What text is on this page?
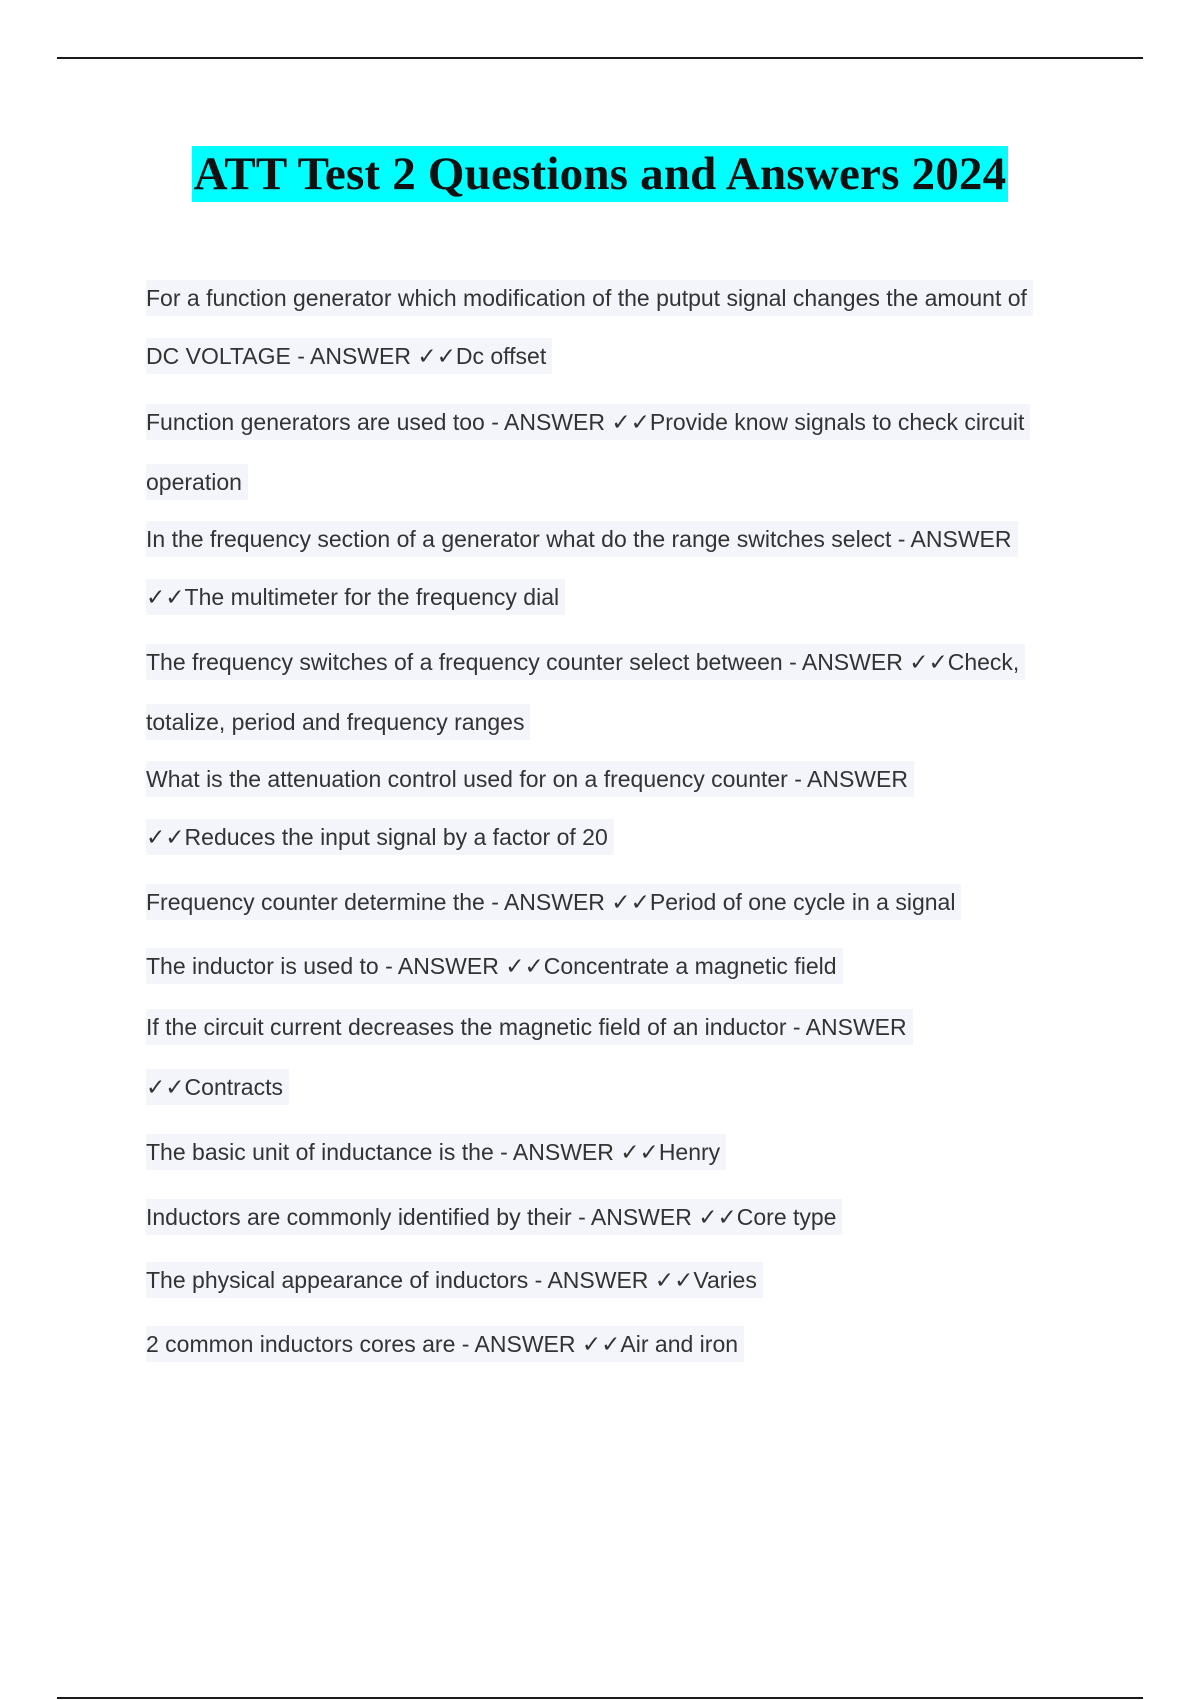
ATT Test 2 Questions and Answers 2024
For a function generator which modification of the putput signal changes the amount of
DC VOLTAGE - ANSWER ✓✓Dc offset
Function generators are used too - ANSWER ✓✓Provide know signals to check circuit
operation
In the frequency section of a generator what do the range switches select - ANSWER
✓✓The multimeter for the frequency dial
The frequency switches of a frequency counter select between - ANSWER ✓✓Check,
totalize, period and frequency ranges
What is the attenuation control used for on a frequency counter - ANSWER
✓✓Reduces the input signal by a factor of 20
Frequency counter determine the - ANSWER ✓✓Period of one cycle in a signal
The inductor is used to - ANSWER ✓✓Concentrate a magnetic field
If the circuit current decreases the magnetic field of an inductor - ANSWER
✓✓Contracts
The basic unit of inductance is the - ANSWER ✓✓Henry
Inductors are commonly identified by their - ANSWER ✓✓Core type
The physical appearance of inductors - ANSWER ✓✓Varies
2 common inductors cores are - ANSWER ✓✓Air and iron
